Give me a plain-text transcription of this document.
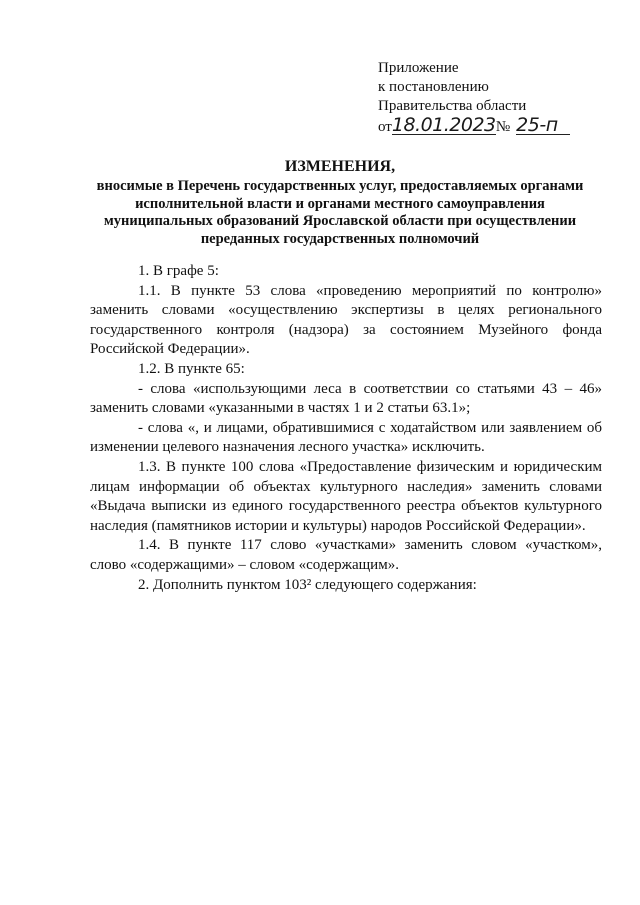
Приложение
к постановлению
Правительства области
от18.01.2023№ 25-п
ИЗМЕНЕНИЯ,
вносимые в Перечень государственных услуг, предоставляемых органами исполнительной власти и органами местного самоуправления муниципальных образований Ярославской области при осуществлении переданных государственных полномочий

1. В графе 5:

1.1. В пункте 53 слова «проведению мероприятий по контролю» заменить словами «осуществлению экспертизы в целях регионального государственного контроля (надзора) за состоянием Музейного фонда Российской Федерации».

1.2. В пункте 65:

- слова «использующими леса в соответствии со статьями 43 – 46» заменить словами «указанными в частях 1 и 2 статьи 63.1»;

- слова «, и лицами, обратившимися с ходатайством или заявлением об изменении целевого назначения лесного участка» исключить.

1.3. В пункте 100 слова «Предоставление физическим и юридическим лицам информации об объектах культурного наследия» заменить словами «Выдача выписки из единого государственного реестра объектов культурного наследия (памятников истории и культуры) народов Российской Федерации».

1.4. В пункте 117 слово «участками» заменить словом «участком», слово «содержащими» – словом «содержащим».

2. Дополнить пунктом 103² следующего содержания:
